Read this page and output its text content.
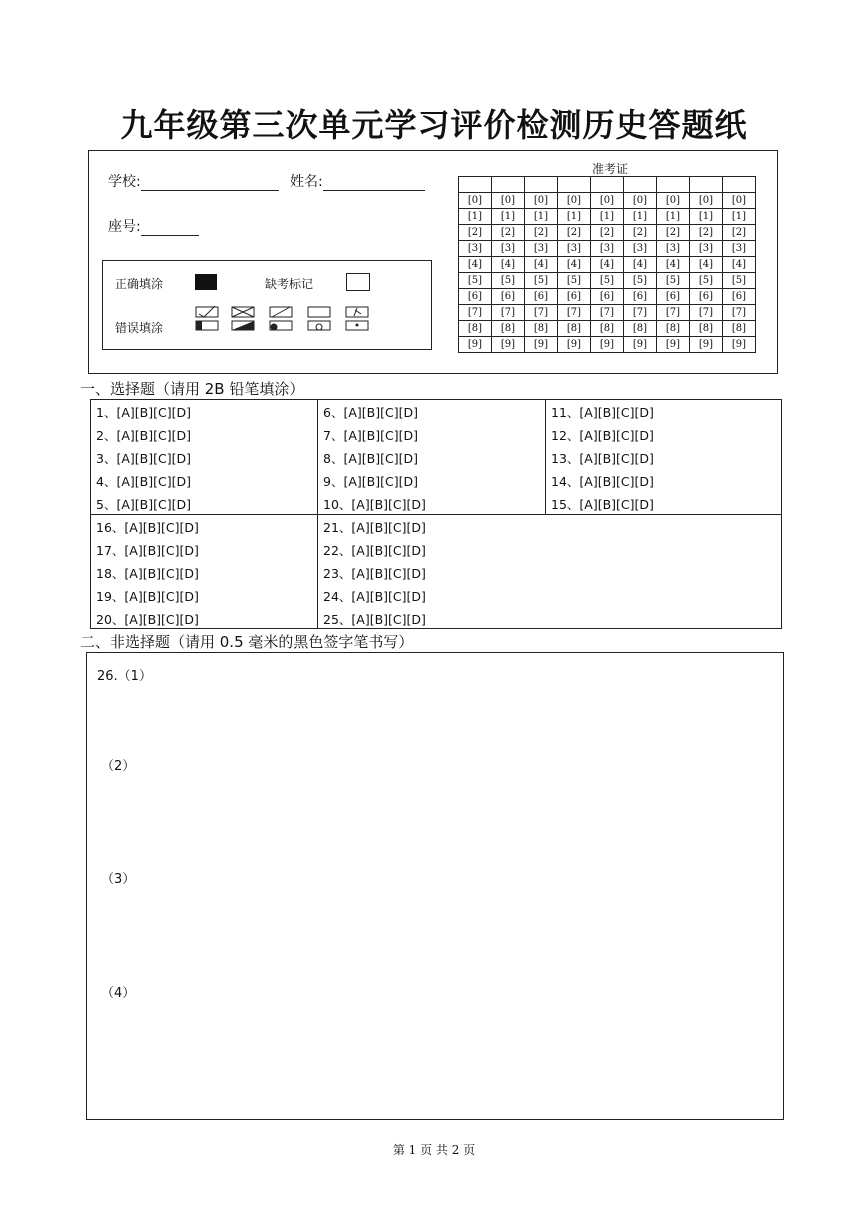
九年级第三次单元学习评价检测历史答题纸
学校:	姓名:
座号:
正确填涂	缺考标记
错误填涂
准考证

[0]	[0]	[0]	[0]	[0]	[0]	[0]	[0]	[0]
[1]	[1]	[1]	[1]	[1]	[1]	[1]	[1]	[1]
[2]	[2]	[2]	[2]	[2]	[2]	[2]	[2]	[2]
[3]	[3]	[3]	[3]	[3]	[3]	[3]	[3]	[3]
[4]	[4]	[4]	[4]	[4]	[4]	[4]	[4]	[4]
[5]	[5]	[5]	[5]	[5]	[5]	[5]	[5]	[5]
[6]	[6]	[6]	[6]	[6]	[6]	[6]	[6]	[6]
[7]	[7]	[7]	[7]	[7]	[7]	[7]	[7]	[7]
[8]	[8]	[8]	[8]	[8]	[8]	[8]	[8]	[8]
[9]	[9]	[9]	[9]	[9]	[9]	[9]	[9]	[9]
一、选择题（请用 2B 铅笔填涂）
1、[A][B][C][D]
2、[A][B][C][D]
3、[A][B][C][D]
4、[A][B][C][D]
5、[A][B][C][D]
6、[A][B][C][D]
7、[A][B][C][D]
8、[A][B][C][D]
9、[A][B][C][D]
10、[A][B][C][D]
11、[A][B][C][D]
12、[A][B][C][D]
13、[A][B][C][D]
14、[A][B][C][D]
15、[A][B][C][D]
16、[A][B][C][D]
17、[A][B][C][D]
18、[A][B][C][D]
19、[A][B][C][D]
20、[A][B][C][D]
21、[A][B][C][D]
22、[A][B][C][D]
23、[A][B][C][D]
24、[A][B][C][D]
25、[A][B][C][D]
二、非选择题（请用 0.5 毫米的黑色签字笔书写）
26.（1）
（2）
（3）
（4）
第 1 页 共 2 页
